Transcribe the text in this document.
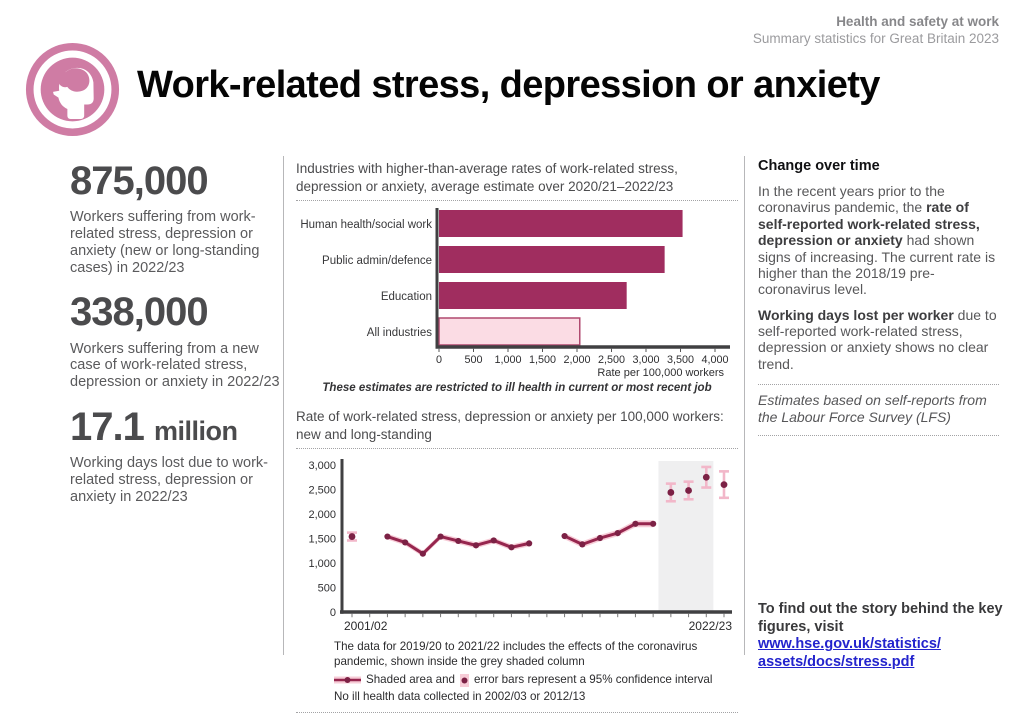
Health and safety at work
Summary statistics for Great Britain 2023
Work-related stress, depression or anxiety
875,000
Workers suffering from work-related stress, depression or anxiety (new or long-standing cases) in 2022/23
338,000
Workers suffering from a new case of work-related stress, depression or anxiety in 2022/23
17.1 million
Working days lost due to work-related stress, depression or anxiety in 2022/23
Industries with higher-than-average rates of work-related stress, depression or anxiety, average estimate over 2020/21–2022/23
Human health/social work
Public admin/defence
Education
All industries
0 500 1,000 1,500 2,000 2,500 3,000 3,500 4,000
Rate per 100,000 workers
These estimates are restricted to ill health in current or most recent job
Rate of work-related stress, depression or anxiety per 100,000 workers: new and long-standing
0
500
1,000
1,500
2,000
2,500
3,000
2001/02	2022/23
The data for 2019/20 to 2021/22 includes the effects of the coronavirus pandemic, shown inside the grey shaded column
Shaded area and error bars represent a 95% confidence interval
No ill health data collected in 2002/03 or 2012/13
Change over time
In the recent years prior to the coronavirus pandemic, the rate of self-reported work-related stress, depression or anxiety had shown signs of increasing. The current rate is higher than the 2018/19 pre-coronavirus level.
Working days lost per worker due to self-reported work-related stress, depression or anxiety shows no clear trend.
Estimates based on self-reports from the Labour Force Survey (LFS)
To find out the story behind the key figures, visit
www.hse.gov.uk/statistics/
assets/docs/stress.pdf
